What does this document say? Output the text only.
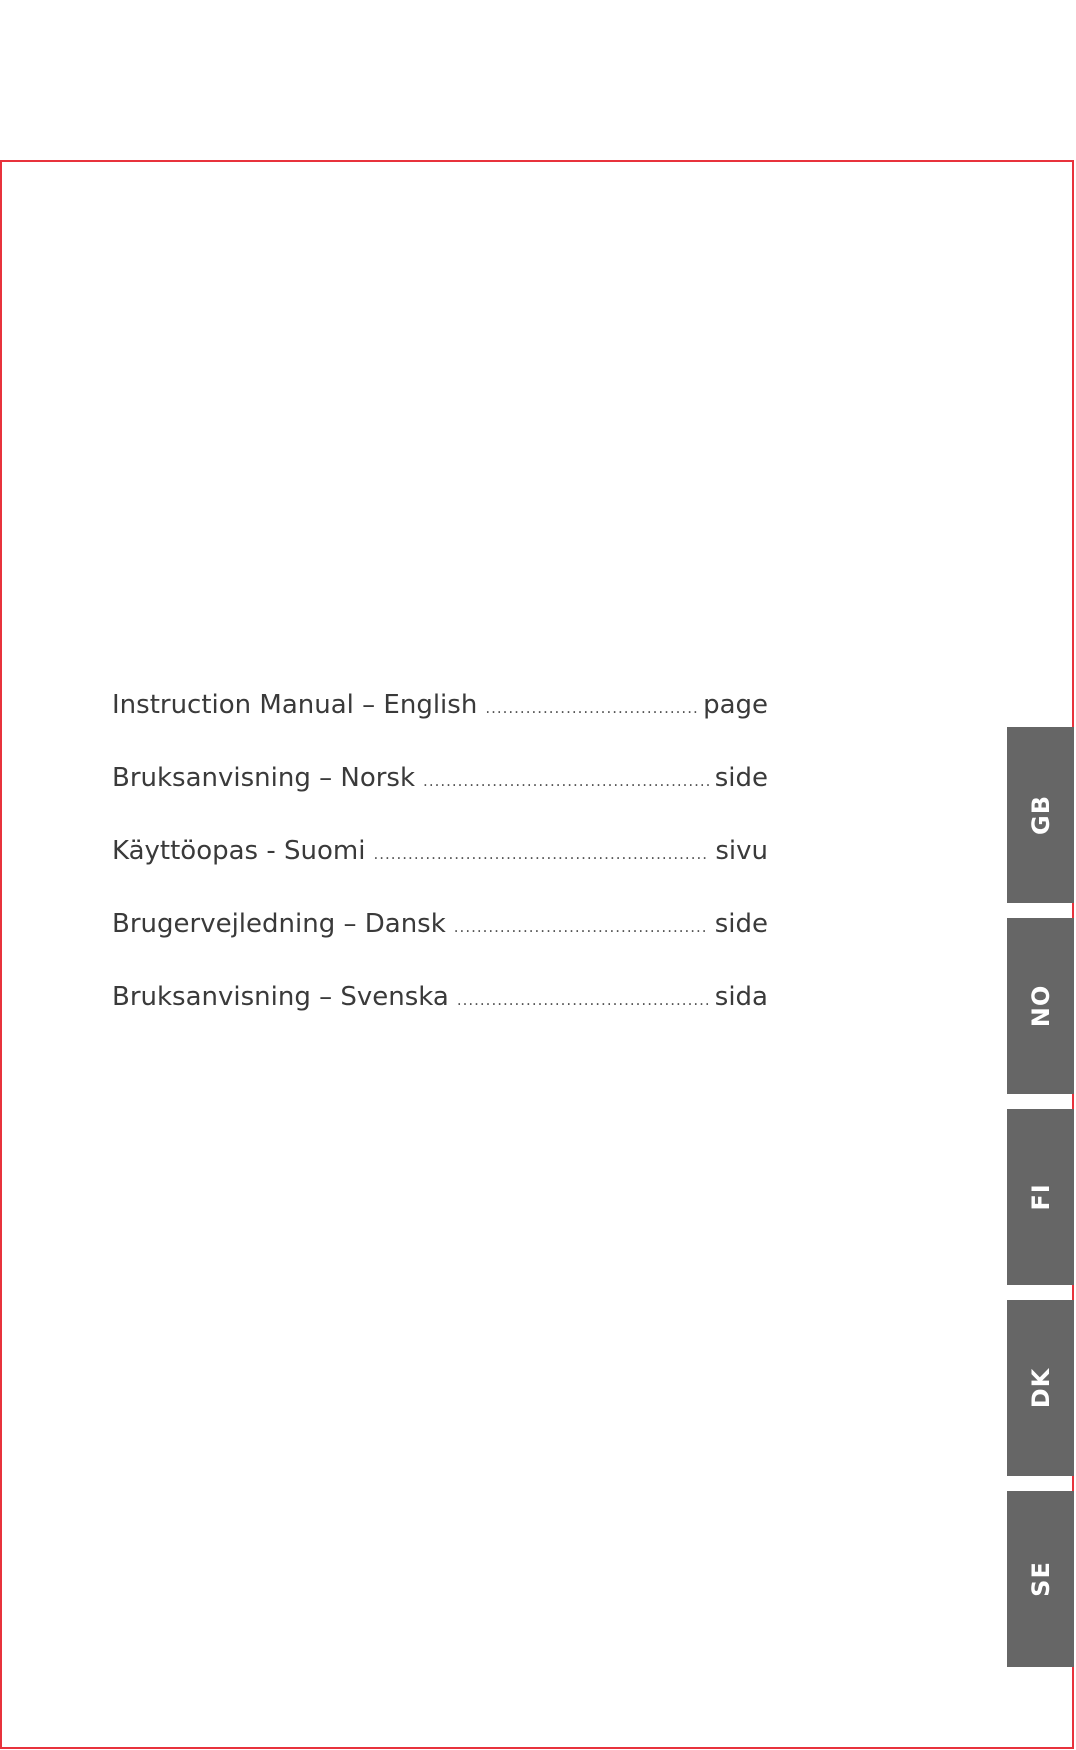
Instruction Manual – English .....	page
Bruksanvisning – Norsk .....	side
Käyttöopas - Suomi .....	sivu
Brugervejledning – Dansk .....	side
Bruksanvisning – Svenska .....	sida
GB
NO
FI
DK
SE
